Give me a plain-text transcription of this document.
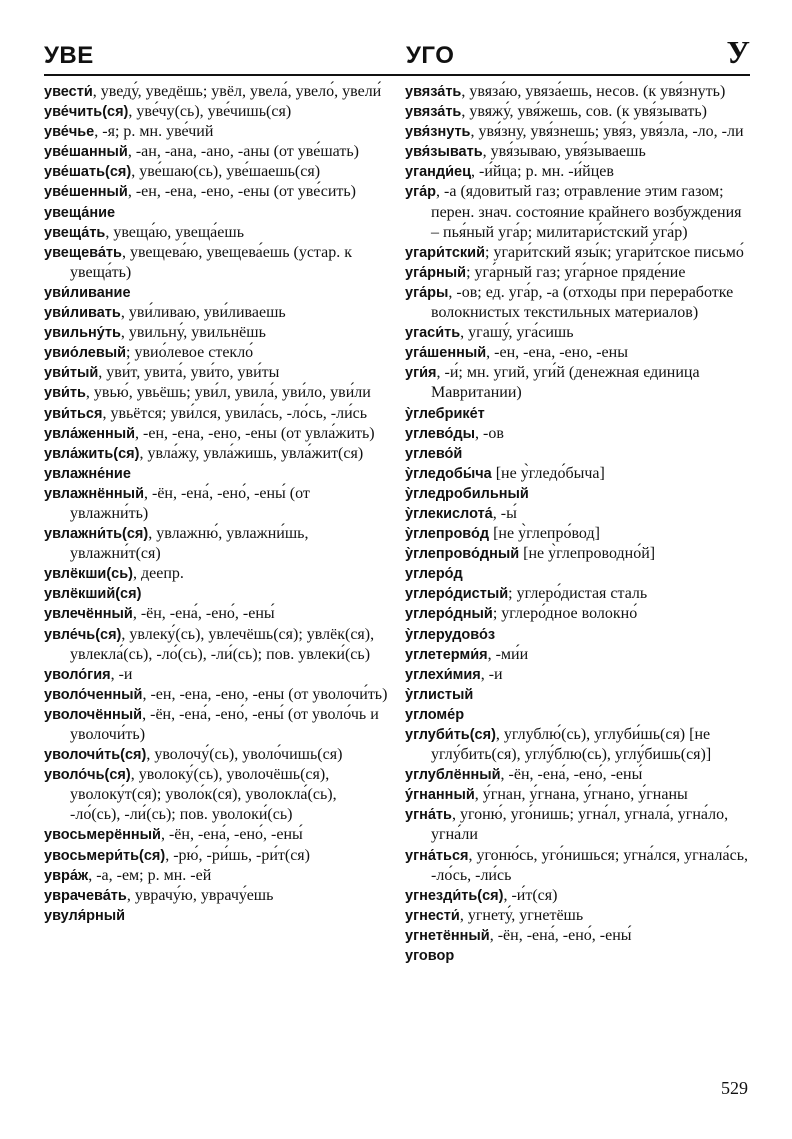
УВЕ	УГО	У

увести́, уведу́, уведёшь; увёл, увела́, увело́, увели́

уве́чить(ся), уве́чу(сь), уве́чишь(ся)

уве́чье, -я; р. мн. уве́чий

уве́шанный, -ан, -ана, -ано, -аны (от уве́шать)

уве́шать(ся), уве́шаю(сь), уве́шаешь(ся)

уве́шенный, -ен, -ена, -ено, -ены (от уве́сить)

увеща́ние

увеща́ть, увеща́ю, увеща́ешь

увещева́ть, увещева́ю, увещева́ешь (устар. к увеща́ть)

уви́ливание

уви́ливать, уви́ливаю, уви́ливаешь

увильну́ть, увильну́, увильнёшь

увио́левый; увио́левое стекло́

уви́тый, уви́т, увита́, уви́то, уви́ты

уви́ть, увью́, увьёшь; уви́л, увила́, уви́ло, уви́ли

уви́ться, увьётся; уви́лся, увила́сь, -ло́сь, -ли́сь

увла́женный, -ен, -ена, -ено, -ены (от увла́жить)

увла́жить(ся), увла́жу, увла́жишь, увла́жит(ся)

увлажне́ние

увлажнённый, -ён, -ена́, -ено́, -ены́ (от увлажни́ть)

увлажни́ть(ся), увлажню́, увлажни́шь, увлажни́т(ся)

увлёкши(сь), деепр.

увлёкший(ся)

увлечённый, -ён, -ена́, -ено́, -ены́

увле́чь(ся), увлеку́(сь), увлечёшь(ся); увлёк(ся), увлекла́(сь), -ло́(сь), -ли́(сь); пов. увлеки́(сь)

уволо́гия, -и

уволо́ченный, -ен, -ена, -ено, -ены (от уволочи́ть)

уволочённый, -ён, -ена́, -ено́, -ены́ (от уволо́чь и уволочи́ть)

уволочи́ть(ся), уволочу́(сь), уволо́чишь(ся)

уволо́чь(ся), уволоку́(сь), уволочёшь(ся), уволоку́т(ся); уволо́к(ся), уволокла́(сь), -ло́(сь), -ли́(сь); пов. уволоки́(сь)

увосьмерённый, -ён, -ена́, -ено́, -ены́

увосьмери́ть(ся), -рю́, -ри́шь, -ри́т(ся)

увра́ж, -а, -ем; р. мн. -ей

уврачева́ть, уврачу́ю, уврачу́ешь

увуля́рный

увяза́ть, увяза́ю, увяза́ешь, несов. (к увя́знуть)

увяза́ть, увяжу́, увя́жешь, сов. (к увя́зывать)

увя́знуть, увя́зну, увя́знешь; увя́з, увя́зла, -ло, -ли

увя́зывать, увя́зываю, увя́зываешь

уганди́ец, -и́йца; р. мн. -и́йцев

уга́р, -а (ядовитый газ; отравление этим газом; перен. знач. состояние крайнего возбуждения – пья́ный уга́р; милитари́стский уга́р)

угари́тский; угари́тский язы́к; угари́тское письмо́

уга́рный; уга́рный газ; уга́рное пряде́ние

уга́ры, -ов; ед. уга́р, -а (отходы при переработке волокнистых текстильных материалов)

угаси́ть, угашу́, уга́сишь

уга́шенный, -ен, -ена, -ено, -ены

уги́я, -и́; мн. угий, уги́й (денежная единица Мавритании)

у̀глебрике́т

углево́ды, -ов

углево́й

у̀гледобы́ча [не у̀гледо́быча]

у̀гледробильный

у̀глекислота́, -ы́

у̀глепрово́д [не у̀глепро́вод]

у̀глепрово́дный [не у̀глепроводно́й]

углеро́д

углеро́дистый; углеро́дистая сталь

углеро́дный; углеро́дное волокно́

у̀глерудово́з

углетерми́я, -ми́и

углехи́мия, -и

у̀глистый

угломе́р

углуби́ть(ся), углублю́(сь), углуби́шь(ся) [не углу́бить(ся), углу́блю(сь), углу́бишь(ся)]

углублённый, -ён, -ена́, -ено́, -ены́

у́гнанный, у́гнан, у́гнана, у́гнано, у́гнаны

угна́ть, угоню́, уго́нишь; угна́л, угнала́, угна́ло, угна́ли

угна́ться, угоню́сь, уго́нишься; угна́лся, угнала́сь, -ло́сь, -ли́сь

угнезди́ть(ся), -и́т(ся)

угнести́, угнету́, угнетёшь

угнетённый, -ён, -ена́, -ено́, -ены́

уговор

529
